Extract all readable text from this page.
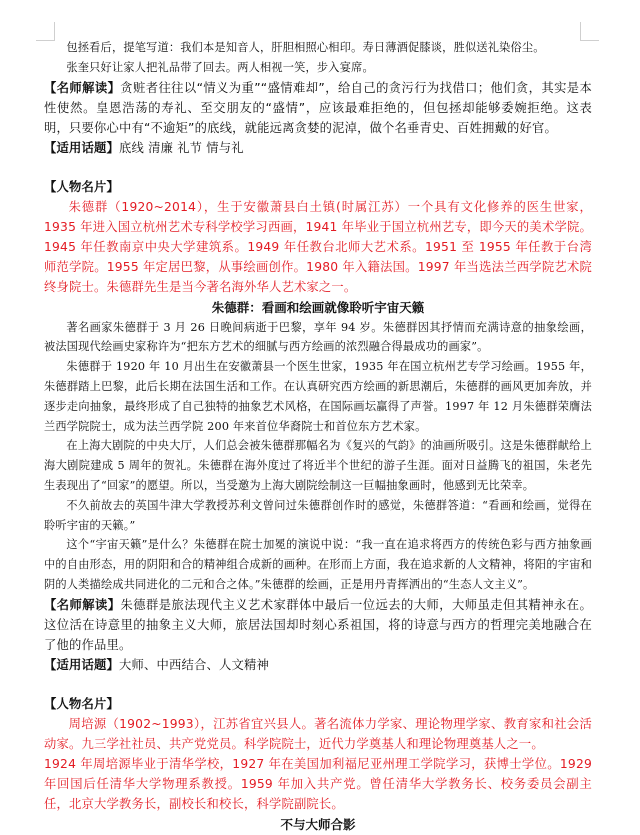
包拯看后，提笔写道：我们本是知音人，肝胆相照心相印。寿日薄酒促膝谈，胜似送礼染俗尘。

张奎只好让家人把礼品带了回去。两人相视一笑，步入宴席。

【名师解读】贪赃者往往以“情义为重”“盛情难却”，给自己的贪污行为找借口；他们贪，其实是本性使然。皇恩浩荡的寿礼、至交朋友的“盛情”，应该最难拒绝的，但包拯却能够委婉拒绝。这表明，只要你心中有“不逾矩”的底线，就能远离贪婪的泥淖，做个名垂青史、百姓拥戴的好官。

【适用话题】底线 清廉 礼节 情与礼

【人物名片】

朱德群（1920~2014），生于安徽萧县白土镇(时属江苏）一个具有文化修养的医生世家，1935 年进入国立杭州艺术专科学校学习西画，1941 年毕业于国立杭州艺专，即今天的美术学院。1945 年任教南京中央大学建筑系。1949 年任教台北师大艺术系。1951 至 1955 年任教于台湾师范学院。1955 年定居巴黎，从事绘画创作。1980 年入籍法国。1997 年当选法兰西学院艺术院终身院士。朱德群先生是当今著名海外华人艺术家之一。

朱德群：看画和绘画就像聆听宇宙天籁

著名画家朱德群于 3 月 26 日晚间病逝于巴黎，享年 94 岁。朱德群因其抒情而充满诗意的抽象绘画，被法国现代绘画史家称许为“把东方艺术的细腻与西方绘画的浓烈融合得最成功的画家”。

朱德群于 1920 年 10 月出生在安徽萧县一个医生世家，1935 年在国立杭州艺专学习绘画。1955 年，朱德群踏上巴黎，此后长期在法国生活和工作。在认真研究西方绘画的新思潮后，朱德群的画风更加奔放，并逐步走向抽象，最终形成了自己独特的抽象艺术风格，在国际画坛赢得了声誉。1997 年 12 月朱德群荣膺法兰西学院院士，成为法兰西学院 200 年来首位华裔院士和首位东方艺术家。

在上海大剧院的中央大厅，人们总会被朱德群那幅名为《复兴的气韵》的油画所吸引。这是朱德群献给上海大剧院建成 5 周年的贺礼。朱德群在海外度过了将近半个世纪的游子生涯。面对日益腾飞的祖国，朱老先生表现出了“回家”的愿望。所以，当受邀为上海大剧院绘制这一巨幅抽象画时，他感到无比荣幸。

不久前故去的英国牛津大学教授苏利文曾问过朱德群创作时的感觉，朱德群答道：“看画和绘画，觉得在聆听宇宙的天籁。”

这个“宇宙天籁”是什么？朱德群在院士加冕的演说中说：“我一直在追求将西方的传统色彩与西方抽象画中的自由形态，用的阴阳和合的精神组合成新的画种。在形而上方面，我在追求新的人文精神，将阳的宇宙和阴的人类描绘成共同进化的二元和合之体。”朱德群的绘画，正是用丹青挥洒出的“生态人文主义”。

【名师解读】朱德群是旅法现代主义艺术家群体中最后一位远去的大师，大师虽走但其精神永在。这位活在诗意里的抽象主义大师，旅居法国却时刻心系祖国，将的诗意与西方的哲理完美地融合在了他的作品里。

【适用话题】大师、中西结合、人文精神

【人物名片】

周培源（1902~1993），江苏省宜兴县人。著名流体力学家、理论物理学家、教育家和社会活动家。九三学社社员、共产党党员。科学院院士，近代力学奠基人和理论物理奠基人之一。

1924 年周培源毕业于清华学校，1927 年在美国加利福尼亚州理工学院学习，获博士学位。1929 年回国后任清华大学物理系教授。1959 年加入共产党。曾任清华大学教务长、校务委员会副主任，北京大学教务长，副校长和校长，科学院副院长。

不与大师合影
